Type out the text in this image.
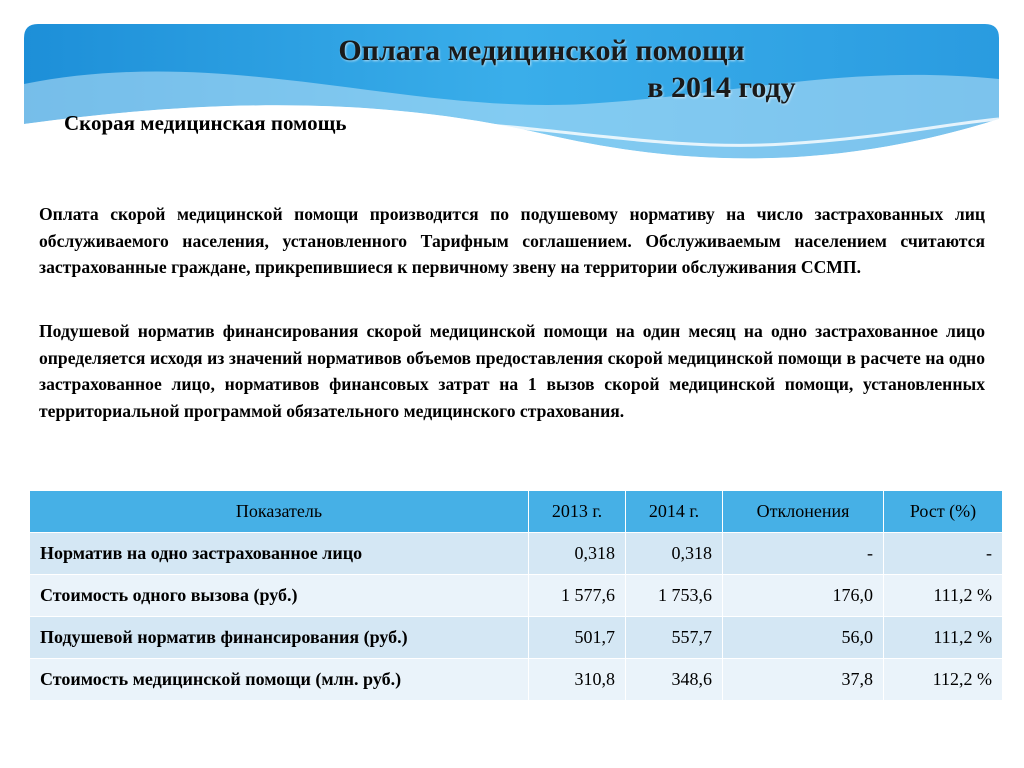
Оплата медицинской помощи
в 2014 году
Скорая медицинская помощь
Оплата скорой медицинской помощи производится по подушевому нормативу на число застрахованных лиц обслуживаемого населения, установленного Тарифным соглашением. Обслуживаемым населением считаются застрахованные граждане, прикрепившиеся к первичному звену на территории обслуживания ССМП.
Подушевой норматив финансирования скорой медицинской помощи на один месяц на одно застрахованное лицо определяется исходя из значений нормативов объемов предоставления скорой медицинской помощи в расчете на одно застрахованное лицо, нормативов финансовых затрат на 1 вызов скорой медицинской помощи, установленных территориальной программой обязательного медицинского страхования.
Показатель	2013 г.	2014 г.	Отклонения	Рост (%)
Норматив на одно застрахованное лицо	0,318	0,318	-	-
Стоимость одного вызова (руб.)	1 577,6	1 753,6	176,0	111,2 %
Подушевой норматив финансирования (руб.)	501,7	557,7	56,0	111,2 %
Стоимость медицинской помощи (млн. руб.)	310,8	348,6	37,8	112,2 %
